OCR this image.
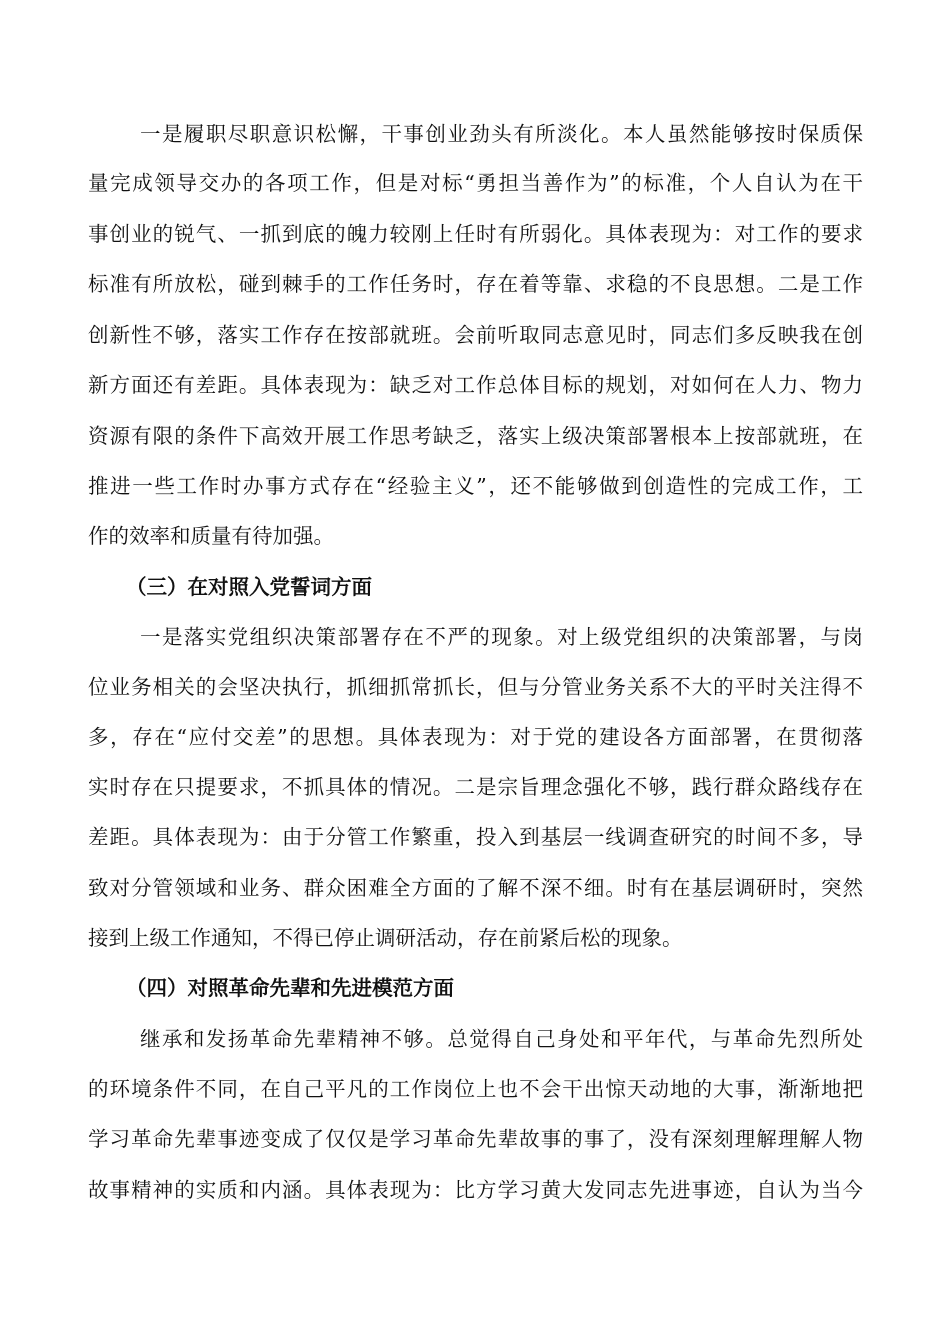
一是履职尽职意识松懈，干事创业劲头有所淡化。本人虽然能够按时保质保
量完成领导交办的各项工作，但是对标“勇担当善作为”的标准，个人自认为在干
事创业的锐气、一抓到底的魄力较刚上任时有所弱化。具体表现为：对工作的要求
标准有所放松，碰到棘手的工作任务时，存在着等靠、求稳的不良思想。二是工作
创新性不够，落实工作存在按部就班。会前听取同志意见时，同志们多反映我在创
新方面还有差距。具体表现为：缺乏对工作总体目标的规划，对如何在人力、物力
资源有限的条件下高效开展工作思考缺乏，落实上级决策部署根本上按部就班，在
推进一些工作时办事方式存在“经验主义”，还不能够做到创造性的完成工作，工
作的效率和质量有待加强。
（三）在对照入党誓词方面
一是落实党组织决策部署存在不严的现象。对上级党组织的决策部署，与岗
位业务相关的会坚决执行，抓细抓常抓长，但与分管业务关系不大的平时关注得不
多，存在“应付交差”的思想。具体表现为：对于党的建设各方面部署，在贯彻落
实时存在只提要求，不抓具体的情况。二是宗旨理念强化不够，践行群众路线存在
差距。具体表现为：由于分管工作繁重，投入到基层一线调查研究的时间不多，导
致对分管领域和业务、群众困难全方面的了解不深不细。时有在基层调研时，突然
接到上级工作通知，不得已停止调研活动，存在前紧后松的现象。
（四）对照革命先辈和先进模范方面
继承和发扬革命先辈精神不够。总觉得自己身处和平年代，与革命先烈所处
的环境条件不同，在自己平凡的工作岗位上也不会干出惊天动地的大事，渐渐地把
学习革命先辈事迹变成了仅仅是学习革命先辈故事的事了，没有深刻理解理解人物
故事精神的实质和内涵。具体表现为：比方学习黄大发同志先进事迹，自认为当今
